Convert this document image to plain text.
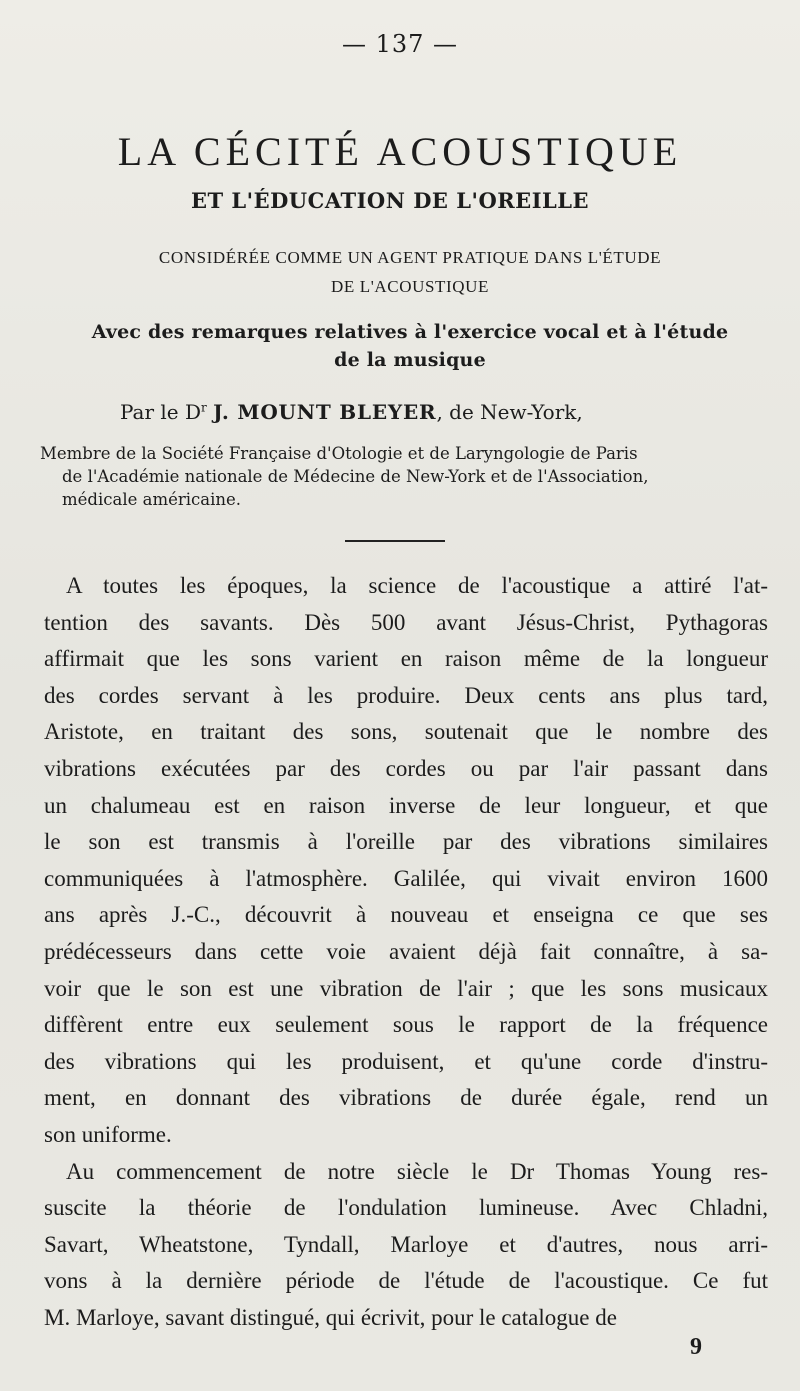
— 137 —
LA CÉCITÉ ACOUSTIQUE
ET L'ÉDUCATION DE L'OREILLE
CONSIDÉRÉE COMME UN AGENT PRATIQUE DANS L'ÉTUDE
DE L'ACOUSTIQUE
Avec des remarques relatives à l'exercice vocal et à l'étude
de la musique
Par le $D^r$ J. MOUNT BLEYER, de New-York,
Membre de la Société Française d'Otologie et de Laryngologie de Paris
de l'Académie nationale de Médecine de New-York et de l'Association,
médicale américaine.
A toutes les époques, la science de l'acoustique a attiré l'at-
tention des savants. Dès 500 avant Jésus-Christ, Pythagoras
affirmait que les sons varient en raison même de la longueur
des cordes servant à les produire. Deux cents ans plus tard,
Aristote, en traitant des sons, soutenait que le nombre des
vibrations exécutées par des cordes ou par l'air passant dans
un chalumeau est en raison inverse de leur longueur, et que
le son est transmis à l'oreille par des vibrations similaires
communiquées à l'atmosphère. Galilée, qui vivait environ 1600
ans après J.-C., découvrit à nouveau et enseigna ce que ses
prédécesseurs dans cette voie avaient déjà fait connaître, à sa-
voir que le son est une vibration de l'air ; que les sons musicaux
diffèrent entre eux seulement sous le rapport de la fréquence
des vibrations qui les produisent, et qu'une corde d'instru-
ment, en donnant des vibrations de durée égale, rend un
son uniforme.
Au commencement de notre siècle le Dr Thomas Young res-
suscite la théorie de l'ondulation lumineuse. Avec Chladni,
Savart, Wheatstone, Tyndall, Marloye et d'autres, nous arri-
vons à la dernière période de l'étude de l'acoustique. Ce fut
M. Marloye, savant distingué, qui écrivit, pour le catalogue de
9
